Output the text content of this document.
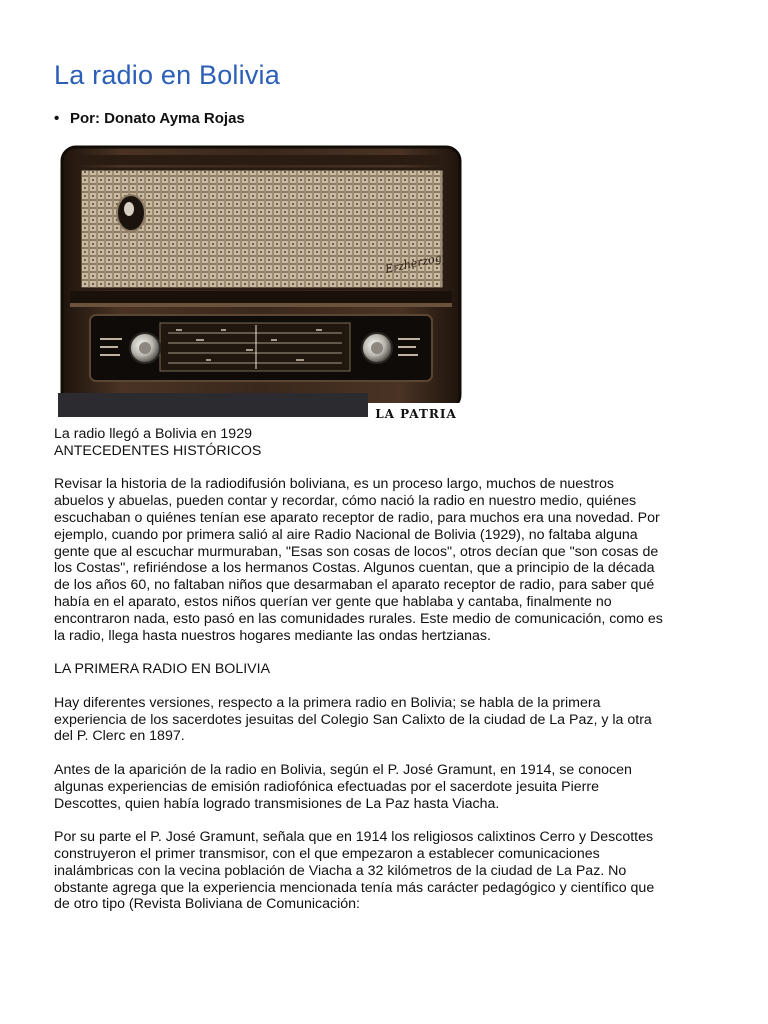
La radio en Bolivia
• Por: Donato Ayma Rojas
Erzherzog
LA PATRIA

La radio llegó a Bolivia en 1929

ANTECEDENTES HISTÓRICOS

Revisar la historia de la radiodifusión boliviana, es un proceso largo, muchos de nuestros abuelos y abuelas, pueden contar y recordar, cómo nació la radio en nuestro medio, quiénes escuchaban o quiénes tenían ese aparato receptor de radio, para muchos era una novedad. Por ejemplo, cuando por primera salió al aire Radio Nacional de Bolivia (1929), no faltaba alguna gente que al escuchar murmuraban, "Esas son cosas de locos", otros decían que "son cosas de los Costas", refiriéndose a los hermanos Costas. Algunos cuentan, que a principio de la década de los años 60, no faltaban niños que desarmaban el aparato receptor de radio, para saber qué había en el aparato, estos niños querían ver gente que hablaba y cantaba, finalmente no encontraron nada, esto pasó en las comunidades rurales. Este medio de comunicación, como es la radio, llega hasta nuestros hogares mediante las ondas hertzianas.

LA PRIMERA RADIO EN BOLIVIA

Hay diferentes versiones, respecto a la primera radio en Bolivia; se habla de la primera experiencia de los sacerdotes jesuitas del Colegio San Calixto de la ciudad de La Paz, y la otra del P. Clerc en 1897.

Antes de la aparición de la radio en Bolivia, según el P. José Gramunt, en 1914, se conocen algunas experiencias de emisión radiofónica efectuadas por el sacerdote jesuita Pierre Descottes, quien había logrado transmisiones de La Paz hasta Viacha.

Por su parte el P. José Gramunt, señala que en 1914 los religiosos calixtinos Cerro y Descottes construyeron el primer transmisor, con el que empezaron a establecer comunicaciones inalámbricas con la vecina población de Viacha a 32 kilómetros de la ciudad de La Paz. No obstante agrega que la experiencia mencionada tenía más carácter pedagógico y científico que de otro tipo (Revista Boliviana de Comunicación:
